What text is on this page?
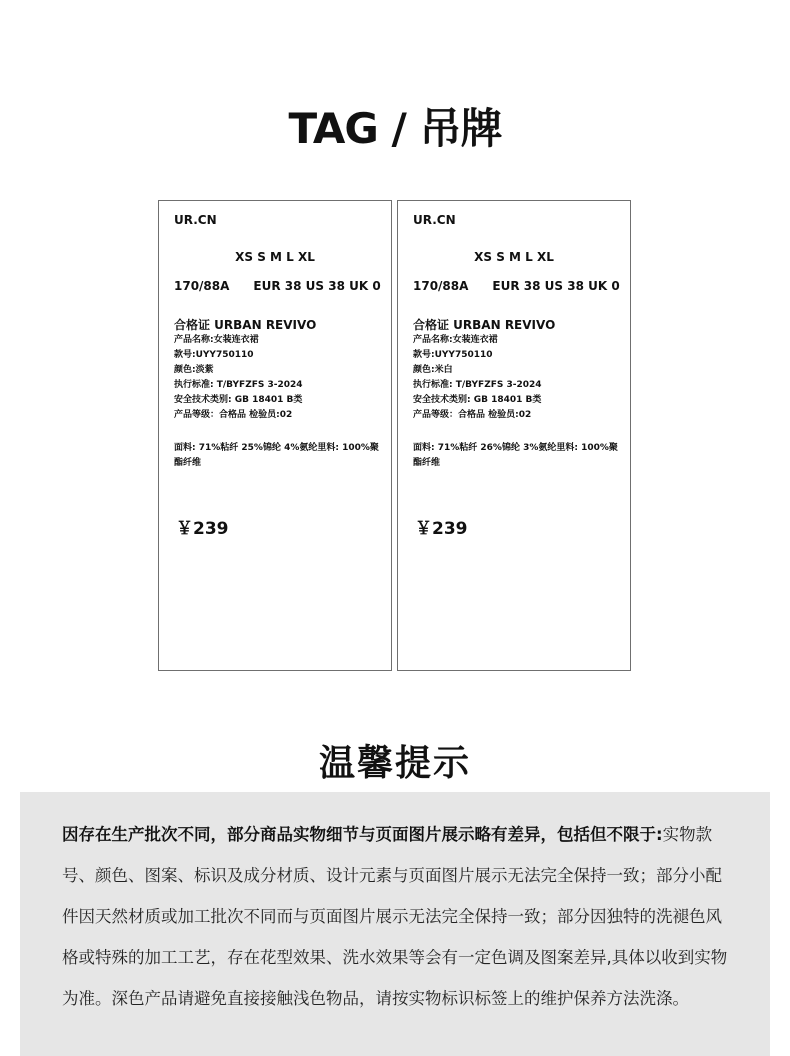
TAG / 吊牌
UR.CN
XS S M L XL
170/88A EUR 38 US 38 UK 0
合格证 URBAN REVIVO
产品名称:女装连衣裙
款号:UYY750110
颜色:淡紫
执行标准: T/BYFZFS 3-2024
安全技术类别: GB 18401 B类
产品等级：合格品 检验员:02
面料: 71%粘纤 25%锦纶 4%氨纶里料: 100%聚酯纤维
￥239
UR.CN
XS S M L XL
170/88A EUR 38 US 38 UK 0
合格证 URBAN REVIVO
产品名称:女装连衣裙
款号:UYY750110
颜色:米白
执行标准: T/BYFZFS 3-2024
安全技术类别: GB 18401 B类
产品等级：合格品 检验员:02
面料: 71%粘纤 26%锦纶 3%氨纶里料: 100%聚酯纤维
￥239
温馨提示
因存在生产批次不同，部分商品实物细节与页面图片展示略有差异，包括但不限于:实物款号、颜色、图案、标识及成分材质、设计元素与页面图片展示无法完全保持一致；部分小配件因天然材质或加工批次不同而与页面图片展示无法完全保持一致；部分因独特的洗褪色风格或特殊的加工工艺，存在花型效果、洗水效果等会有一定色调及图案差异,具体以收到实物为准。深色产品请避免直接接触浅色物品，请按实物标识标签上的维护保养方法洗涤。
